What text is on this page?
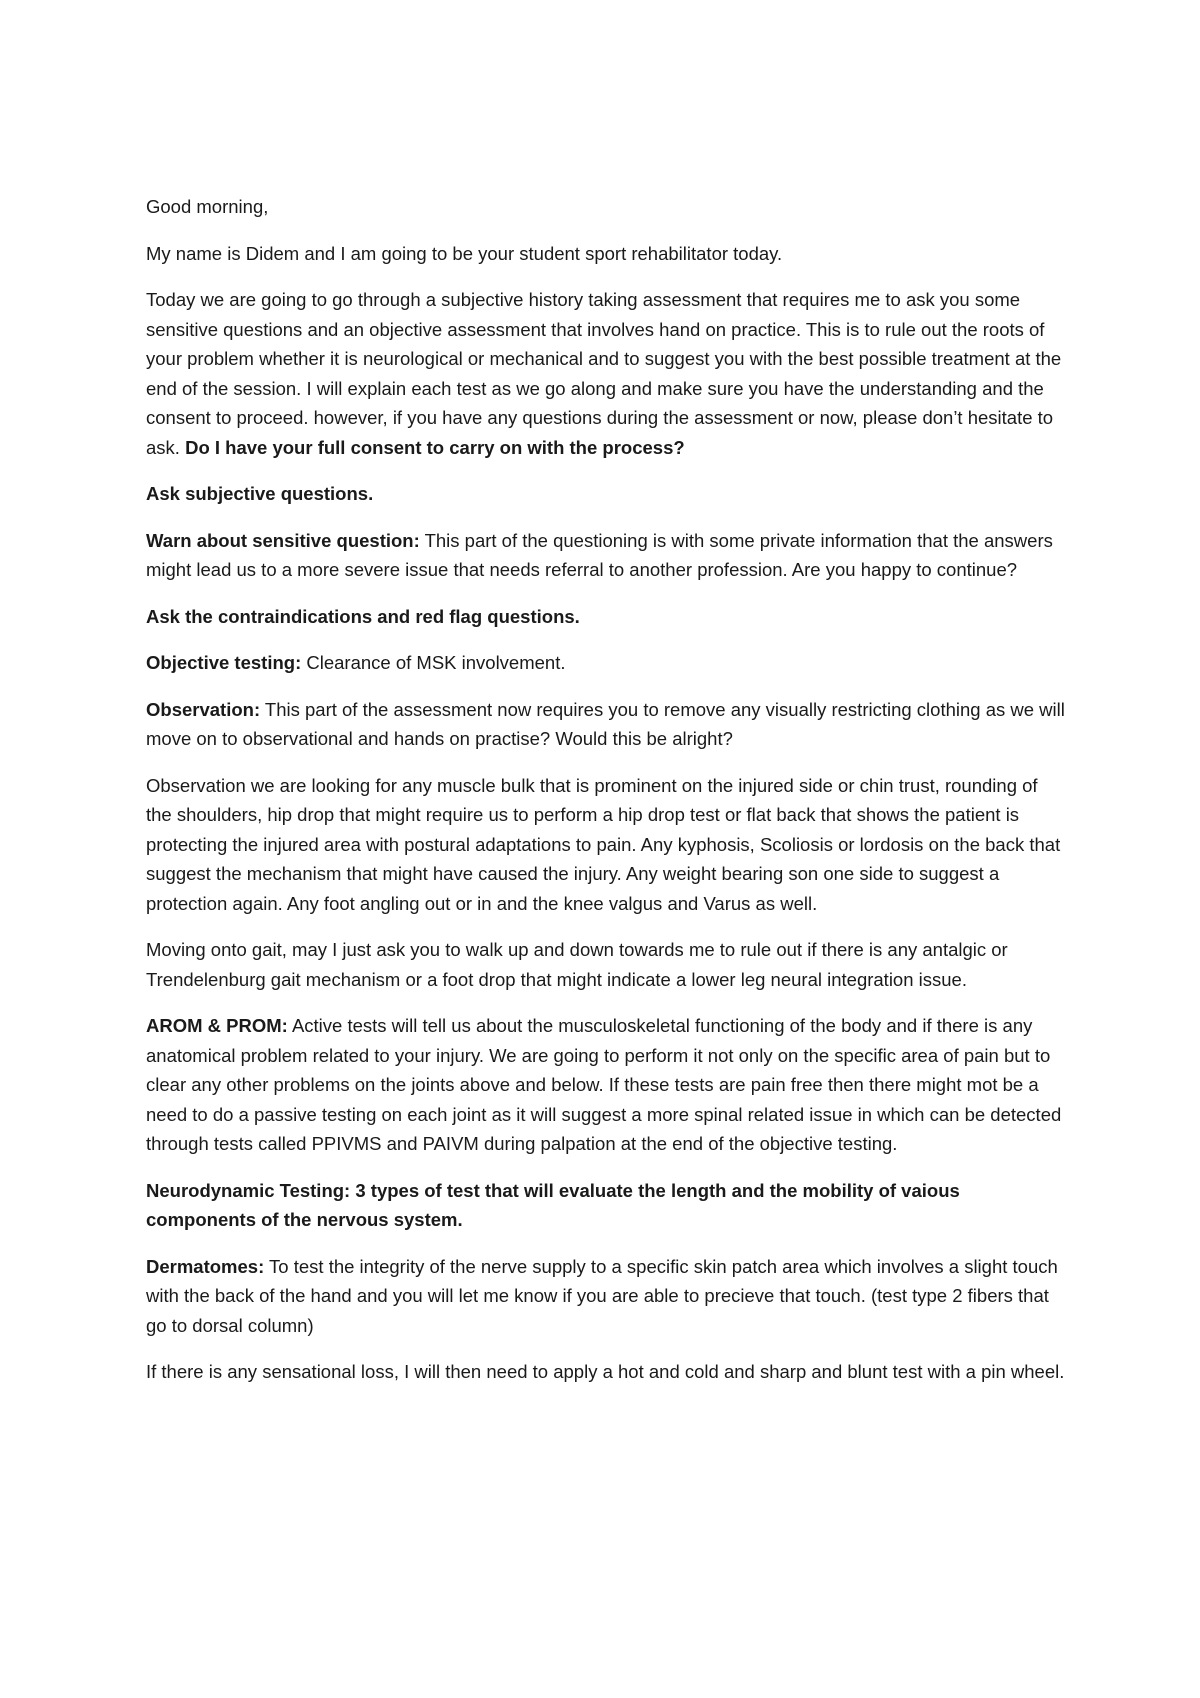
Good morning,

My name is Didem and I am going to be your student sport rehabilitator today.

Today we are going to go through a subjective history taking assessment that requires me to ask you some sensitive questions and an objective assessment that involves hand on practice. This is to rule out the roots of your problem whether it is neurological or mechanical and to suggest you with the best possible treatment at the end of the session. I will explain each test as we go along and make sure you have the understanding and the consent to proceed. however, if you have any questions during the assessment or now, please don’t hesitate to ask. Do I have your full consent to carry on with the process?

Ask subjective questions.

Warn about sensitive question: This part of the questioning is with some private information that the answers might lead us to a more severe issue that needs referral to another profession. Are you happy to continue?

Ask the contraindications and red flag questions.

Objective testing: Clearance of MSK involvement.

Observation: This part of the assessment now requires you to remove any visually restricting clothing as we will move on to observational and hands on practise? Would this be alright?

Observation we are looking for any muscle bulk that is prominent on the injured side or chin trust, rounding of the shoulders, hip drop that might require us to perform a hip drop test or flat back that shows the patient is protecting the injured area with postural adaptations to pain. Any kyphosis, Scoliosis or lordosis on the back that suggest the mechanism that might have caused the injury. Any weight bearing son one side to suggest a protection again. Any foot angling out or in and the knee valgus and Varus as well.

Moving onto gait, may I just ask you to walk up and down towards me to rule out if there is any antalgic or Trendelenburg gait mechanism or a foot drop that might indicate a lower leg neural integration issue.

AROM & PROM: Active tests will tell us about the musculoskeletal functioning of the body and if there is any anatomical problem related to your injury. We are going to perform it not only on the specific area of pain but to clear any other problems on the joints above and below. If these tests are pain free then there might mot be a need to do a passive testing on each joint as it will suggest a more spinal related issue in which can be detected through tests called PPIVMS and PAIVM during palpation at the end of the objective testing.

Neurodynamic Testing: 3 types of test that will evaluate the length and the mobility of vaious components of the nervous system.

Dermatomes: To test the integrity of the nerve supply to a specific skin patch area which involves a slight touch with the back of the hand and you will let me know if you are able to precieve that touch. (test type 2 fibers that go to dorsal column)

If there is any sensational loss, I will then need to apply a hot and cold and sharp and blunt test with a pin wheel.
